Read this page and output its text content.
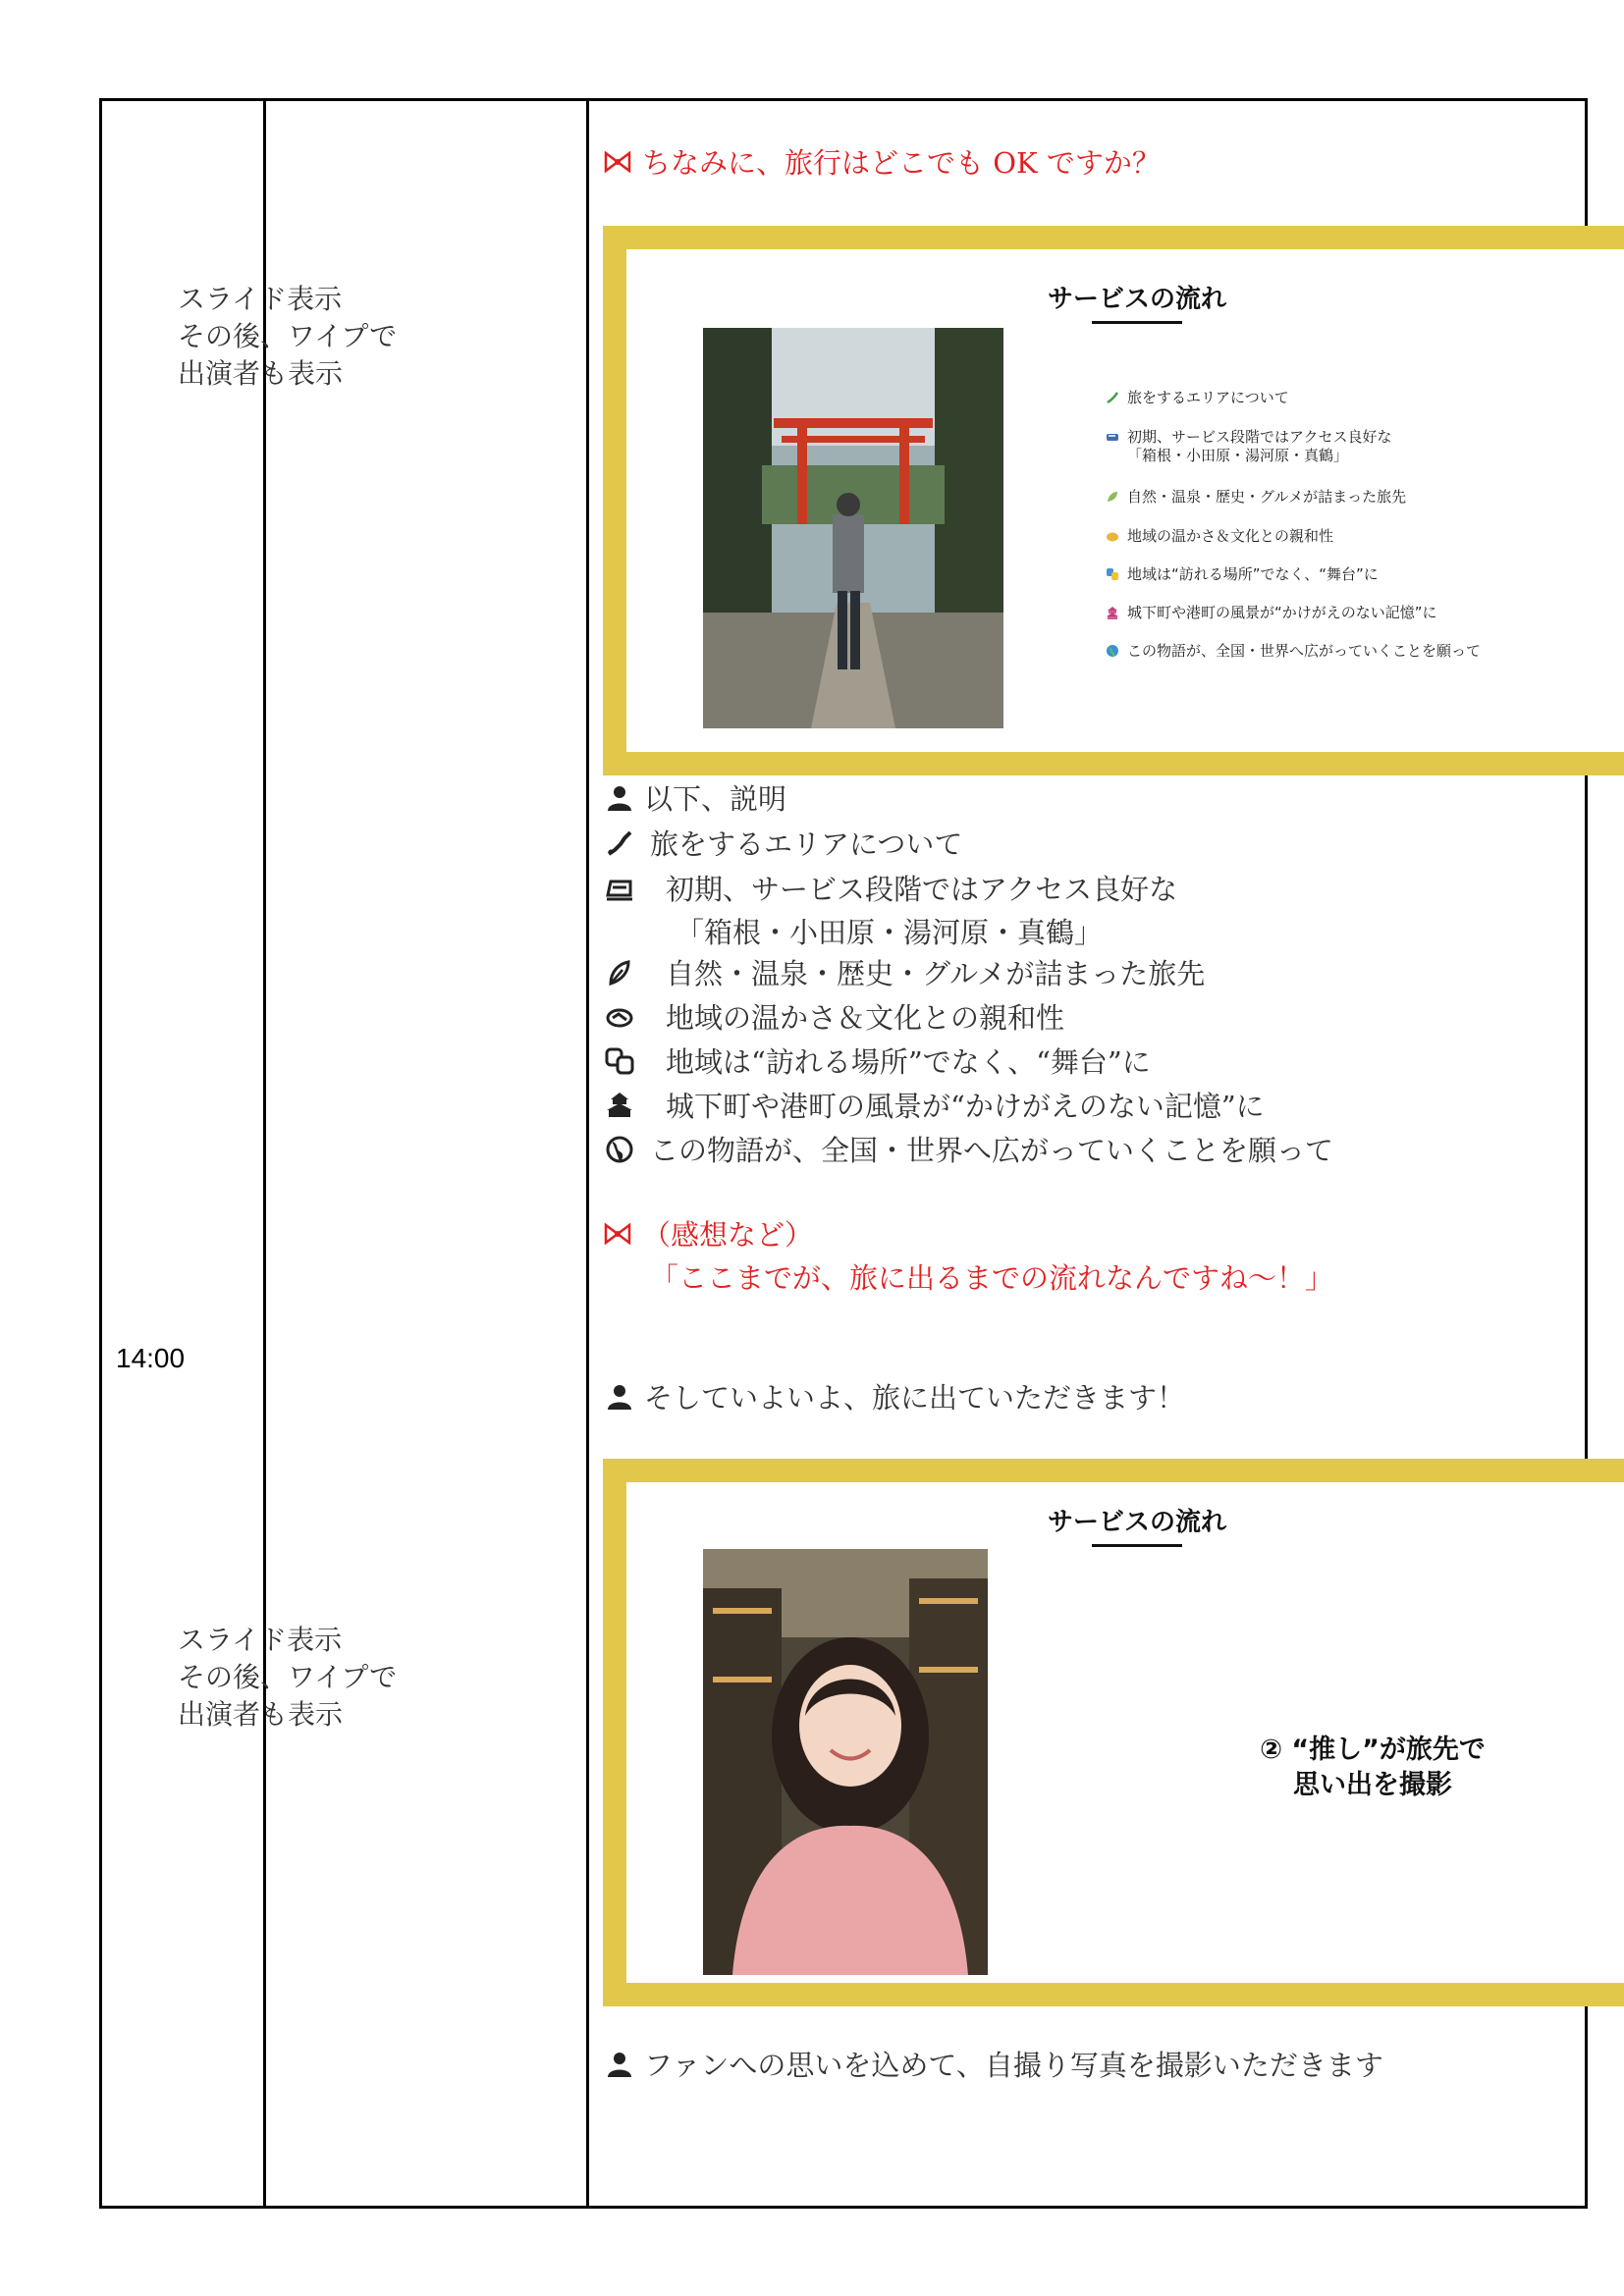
14:00
スライド表示
その後、ワイプで
出演者も表示
スライド表示
その後、ワイプで
出演者も表示
ちなみに、旅行はどこでも OK ですか？
サービスの流れ
旅をするエリアについて
初期、サービス段階ではアクセス良好な
「箱根・小田原・湯河原・真鶴」
自然・温泉・歴史・グルメが詰まった旅先
地域の温かさ＆文化との親和性
地域は“訪れる場所”でなく、“舞台”に
城下町や港町の風景が“かけがえのない記憶”に
この物語が、全国・世界へ広がっていくことを願って
以下、説明
旅をするエリアについて
初期、サービス段階ではアクセス良好な
「箱根・小田原・湯河原・真鶴」
自然・温泉・歴史・グルメが詰まった旅先
地域の温かさ＆文化との親和性
地域は“訪れる場所”でなく、“舞台”に
城下町や港町の風景が“かけがえのない記憶”に
この物語が、全国・世界へ広がっていくことを願って
（感想など）
「ここまでが、旅に出るまでの流れなんですね〜！」
そしていよいよ、旅に出ていただきます！
サービスの流れ
② “推し”が旅先で
思い出を撮影
ファンへの思いを込めて、自撮り写真を撮影いただきます
